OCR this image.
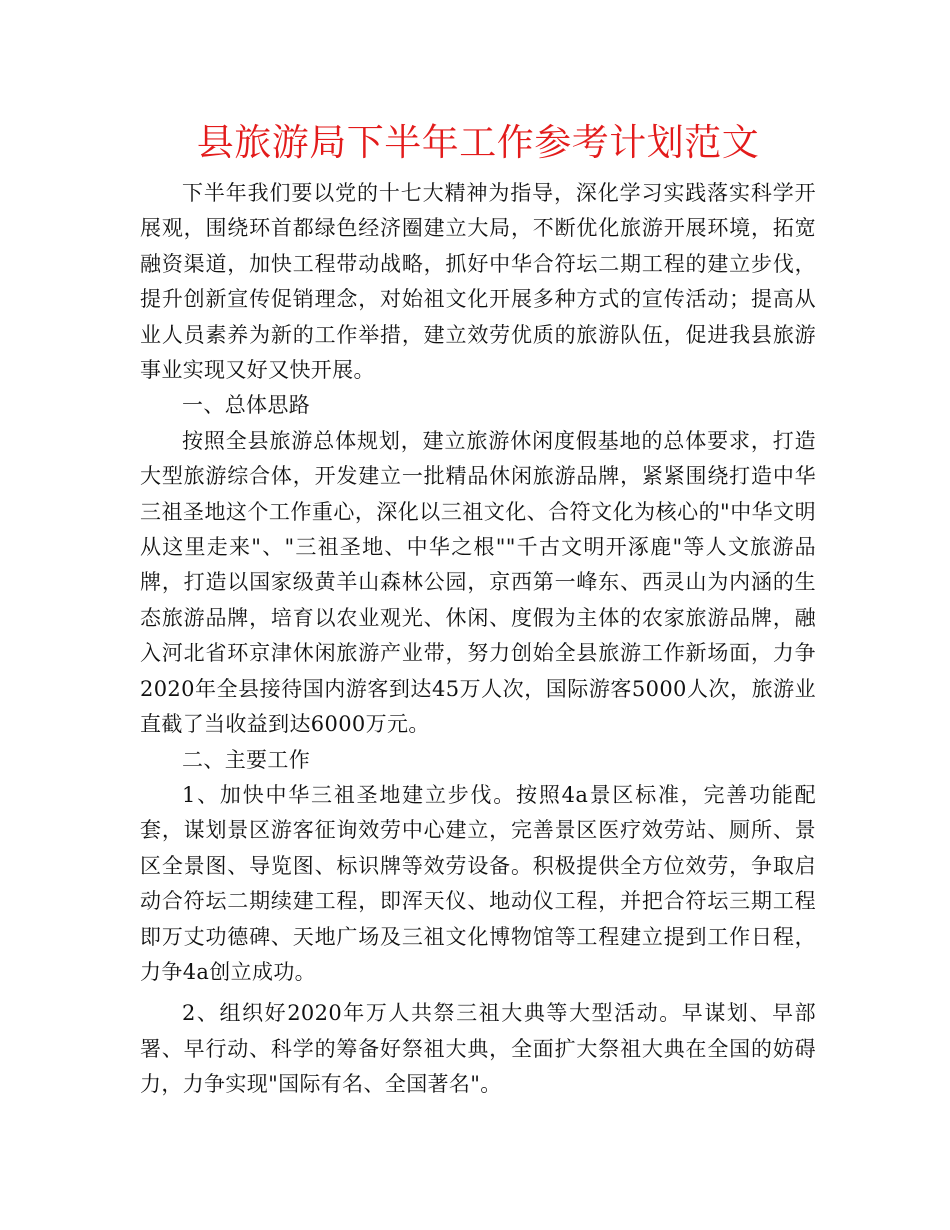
县旅游局下半年工作参考计划范文

下半年我们要以党的十七大精神为指导，深化学习实践落实科学开展观，围绕环首都绿色经济圈建立大局，不断优化旅游开展环境，拓宽融资渠道，加快工程带动战略，抓好中华合符坛二期工程的建立步伐，提升创新宣传促销理念，对始祖文化开展多种方式的宣传活动；提高从业人员素养为新的工作举措，建立效劳优质的旅游队伍，促进我县旅游事业实现又好又快开展。

一、总体思路

按照全县旅游总体规划，建立旅游休闲度假基地的总体要求，打造大型旅游综合体，开发建立一批精品休闲旅游品牌，紧紧围绕打造中华三祖圣地这个工作重心，深化以三祖文化、合符文化为核心的"中华文明从这里走来"、"三祖圣地、中华之根""千古文明开涿鹿"等人文旅游品牌，打造以国家级黄羊山森林公园，京西第一峰东、西灵山为内涵的生态旅游品牌，培育以农业观光、休闲、度假为主体的农家旅游品牌，融入河北省环京津休闲旅游产业带，努力创始全县旅游工作新场面，力争2020年全县接待国内游客到达45万人次，国际游客5000人次，旅游业直截了当收益到达6000万元。

二、主要工作

1、加快中华三祖圣地建立步伐。按照4a景区标准，完善功能配套，谋划景区游客征询效劳中心建立，完善景区医疗效劳站、厕所、景区全景图、导览图、标识牌等效劳设备。积极提供全方位效劳，争取启动合符坛二期续建工程，即浑天仪、地动仪工程，并把合符坛三期工程即万丈功德碑、天地广场及三祖文化博物馆等工程建立提到工作日程，力争4a创立成功。

2、组织好2020年万人共祭三祖大典等大型活动。早谋划、早部署、早行动、科学的筹备好祭祖大典，全面扩大祭祖大典在全国的妨碍力，力争实现"国际有名、全国著名"。
